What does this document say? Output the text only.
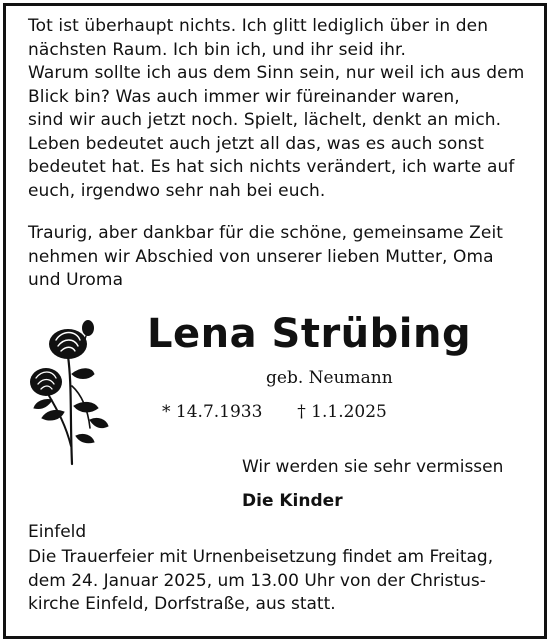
Tot ist überhaupt nichts. Ich glitt lediglich über in den
nächsten Raum. Ich bin ich, und ihr seid ihr.
Warum sollte ich aus dem Sinn sein, nur weil ich aus dem
Blick bin? Was auch immer wir füreinander waren,
sind wir auch jetzt noch. Spielt, lächelt, denkt an mich.
Leben bedeutet auch jetzt all das, was es auch sonst
bedeutet hat. Es hat sich nichts verändert, ich warte auf
euch, irgendwo sehr nah bei euch.
Traurig, aber dankbar für die schöne, gemeinsame Zeit
nehmen wir Abschied von unserer lieben Mutter, Oma
und Uroma
Lena Strübing
geb. Neumann
* 14.7.1933 † 1.1.2025
Wir werden sie sehr vermissen
Die Kinder
Einfeld
Die Trauerfeier mit Urnenbeisetzung findet am Freitag,
dem 24. Januar 2025, um 13.00 Uhr von der Christus-
kirche Einfeld, Dorfstraße, aus statt.
